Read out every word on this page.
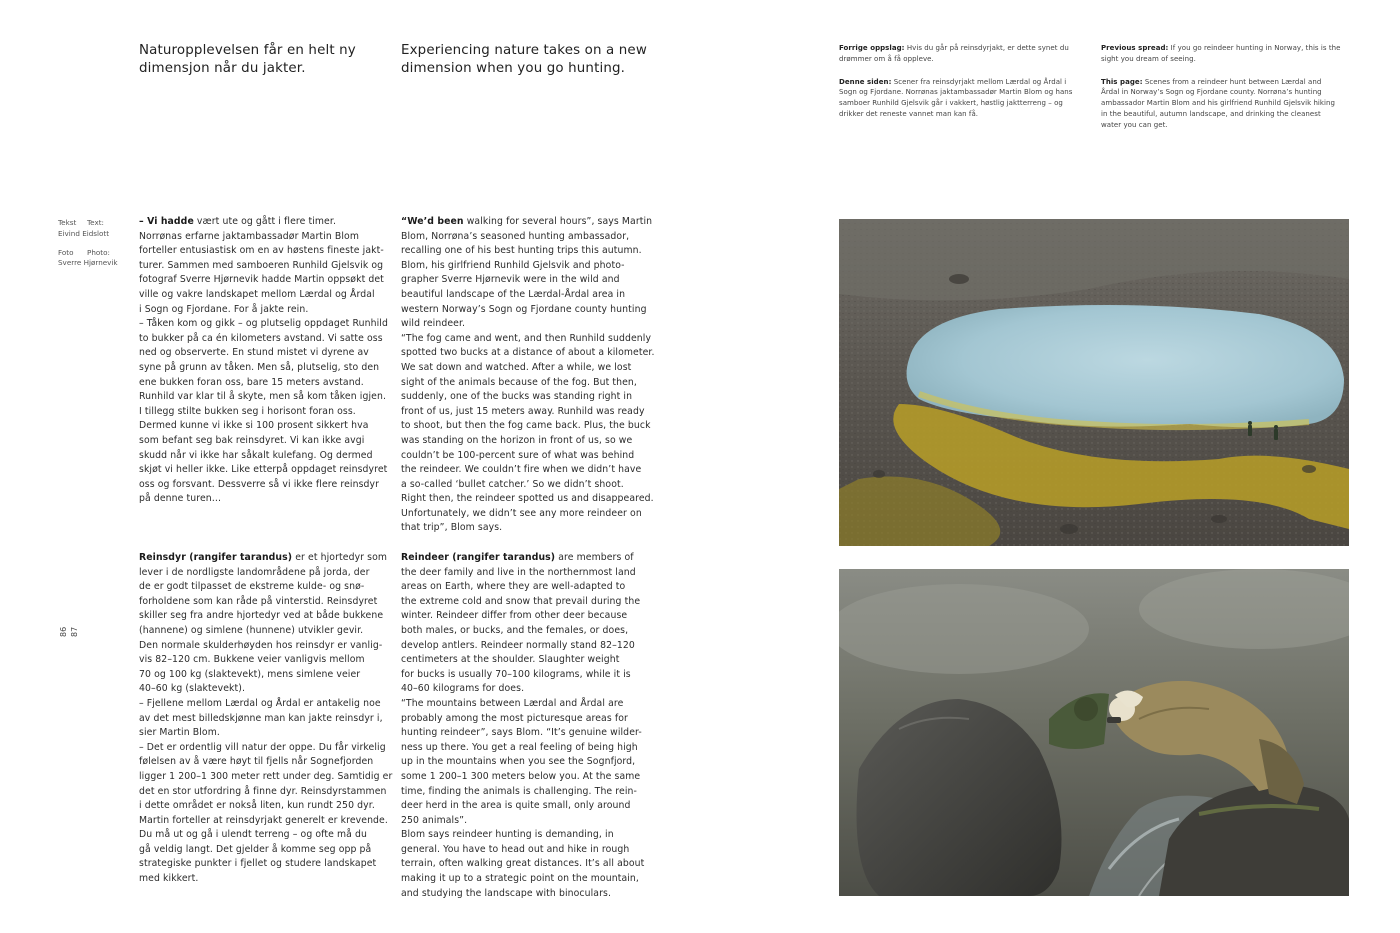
Naturopplevelsen får en helt ny
dimensjon når du jakter.
Experiencing nature takes on a new
dimension when you go hunting.
Tekst	Text:
Eivind Eidslott
Foto	Photo:
Sverre Hjørnevik
86
87

– Vi hadde vært ute og gått i flere timer.
Norrønas erfarne jaktambassadør Martin Blom
forteller entusiastisk om en av høstens fineste jakt-
turer. Sammen med samboeren Runhild Gjelsvik og
fotograf Sverre Hjørnevik hadde Martin oppsøkt det
ville og vakre landskapet mellom Lærdal og Årdal
i Sogn og Fjordane. For å jakte rein.
– Tåken kom og gikk – og plutselig oppdaget Runhild
to bukker på ca én kilometers avstand. Vi satte oss
ned og observerte. En stund mistet vi dyrene av
syne på grunn av tåken. Men så, plutselig, sto den
ene bukken foran oss, bare 15 meters avstand.
Runhild var klar til å skyte, men så kom tåken igjen.
I tillegg stilte bukken seg i horisont foran oss.
Dermed kunne vi ikke si 100 prosent sikkert hva
som befant seg bak reinsdyret. Vi kan ikke avgi
skudd når vi ikke har såkalt kulefang. Og dermed
skjøt vi heller ikke. Like etterpå oppdaget reinsdyret
oss og forsvant. Dessverre så vi ikke flere reinsdyr
på denne turen…

“We’d been walking for several hours”, says Martin
Blom, Norrøna’s seasoned hunting ambassador,
recalling one of his best hunting trips this autumn.
Blom, his girlfriend Runhild Gjelsvik and photo-
grapher Sverre Hjørnevik were in the wild and
beautiful landscape of the Lærdal-Årdal area in
western Norway’s Sogn og Fjordane county hunting
wild reindeer.
“The fog came and went, and then Runhild suddenly
spotted two bucks at a distance of about a kilometer.
We sat down and watched. After a while, we lost
sight of the animals because of the fog. But then,
suddenly, one of the bucks was standing right in
front of us, just 15 meters away. Runhild was ready
to shoot, but then the fog came back. Plus, the buck
was standing on the horizon in front of us, so we
couldn’t be 100-percent sure of what was behind
the reindeer. We couldn’t fire when we didn’t have
a so-called ‘bullet catcher.’ So we didn’t shoot.
Right then, the reindeer spotted us and disappeared.
Unfortunately, we didn’t see any more reindeer on
that trip”, Blom says.

Reinsdyr (rangifer tarandus) er et hjortedyr som
lever i de nordligste landområdene på jorda, der
de er godt tilpasset de ekstreme kulde- og snø-
forholdene som kan råde på vinterstid. Reinsdyret
skiller seg fra andre hjortedyr ved at både bukkene
(hannene) og simlene (hunnene) utvikler gevir.
Den normale skulderhøyden hos reinsdyr er vanlig-
vis 82–120 cm. Bukkene veier vanligvis mellom
70 og 100 kg (slaktevekt), mens simlene veier
40–60 kg (slaktevekt).
– Fjellene mellom Lærdal og Årdal er antakelig noe
av det mest billedskjønne man kan jakte reinsdyr i,
sier Martin Blom.
– Det er ordentlig vill natur der oppe. Du får virkelig
følelsen av å være høyt til fjells når Sognefjorden
ligger 1 200–1 300 meter rett under deg. Samtidig er
det en stor utfordring å finne dyr. Reinsdyrstammen
i dette området er nokså liten, kun rundt 250 dyr.
Martin forteller at reinsdyrjakt generelt er krevende.
Du må ut og gå i ulendt terreng – og ofte må du
gå veldig langt. Det gjelder å komme seg opp på
strategiske punkter i fjellet og studere landskapet
med kikkert.

Reindeer (rangifer tarandus) are members of
the deer family and live in the northernmost land
areas on Earth, where they are well-adapted to
the extreme cold and snow that prevail during the
winter. Reindeer differ from other deer because
both males, or bucks, and the females, or does,
develop antlers. Reindeer normally stand 82–120
centimeters at the shoulder. Slaughter weight
for bucks is usually 70–100 kilograms, while it is
40–60 kilograms for does.
“The mountains between Lærdal and Årdal are
probably among the most picturesque areas for
hunting reindeer”, says Blom. “It’s genuine wilder-
ness up there. You get a real feeling of being high
up in the mountains when you see the Sognfjord,
some 1 200–1 300 meters below you. At the same
time, finding the animals is challenging. The rein-
deer herd in the area is quite small, only around
250 animals”.
Blom says reindeer hunting is demanding, in
general. You have to head out and hike in rough
terrain, often walking great distances. It’s all about
making it up to a strategic point on the mountain,
and studying the landscape with binoculars.

Forrige oppslag: Hvis du går på reinsdyrjakt, er dette synet du
drømmer om å få oppleve.

Denne siden: Scener fra reinsdyrjakt mellom Lærdal og Årdal i
Sogn og Fjordane. Norrønas jaktambassadør Martin Blom og hans
samboer Runhild Gjelsvik går i vakkert, høstlig jaktterreng – og
drikker det reneste vannet man kan få.

Previous spread: If you go reindeer hunting in Norway, this is the
sight you dream of seeing.

This page: Scenes from a reindeer hunt between Lærdal and
Årdal in Norway’s Sogn og Fjordane county. Norrøna’s hunting
ambassador Martin Blom and his girlfriend Runhild Gjelsvik hiking
in the beautiful, autumn landscape, and drinking the cleanest
water you can get.
